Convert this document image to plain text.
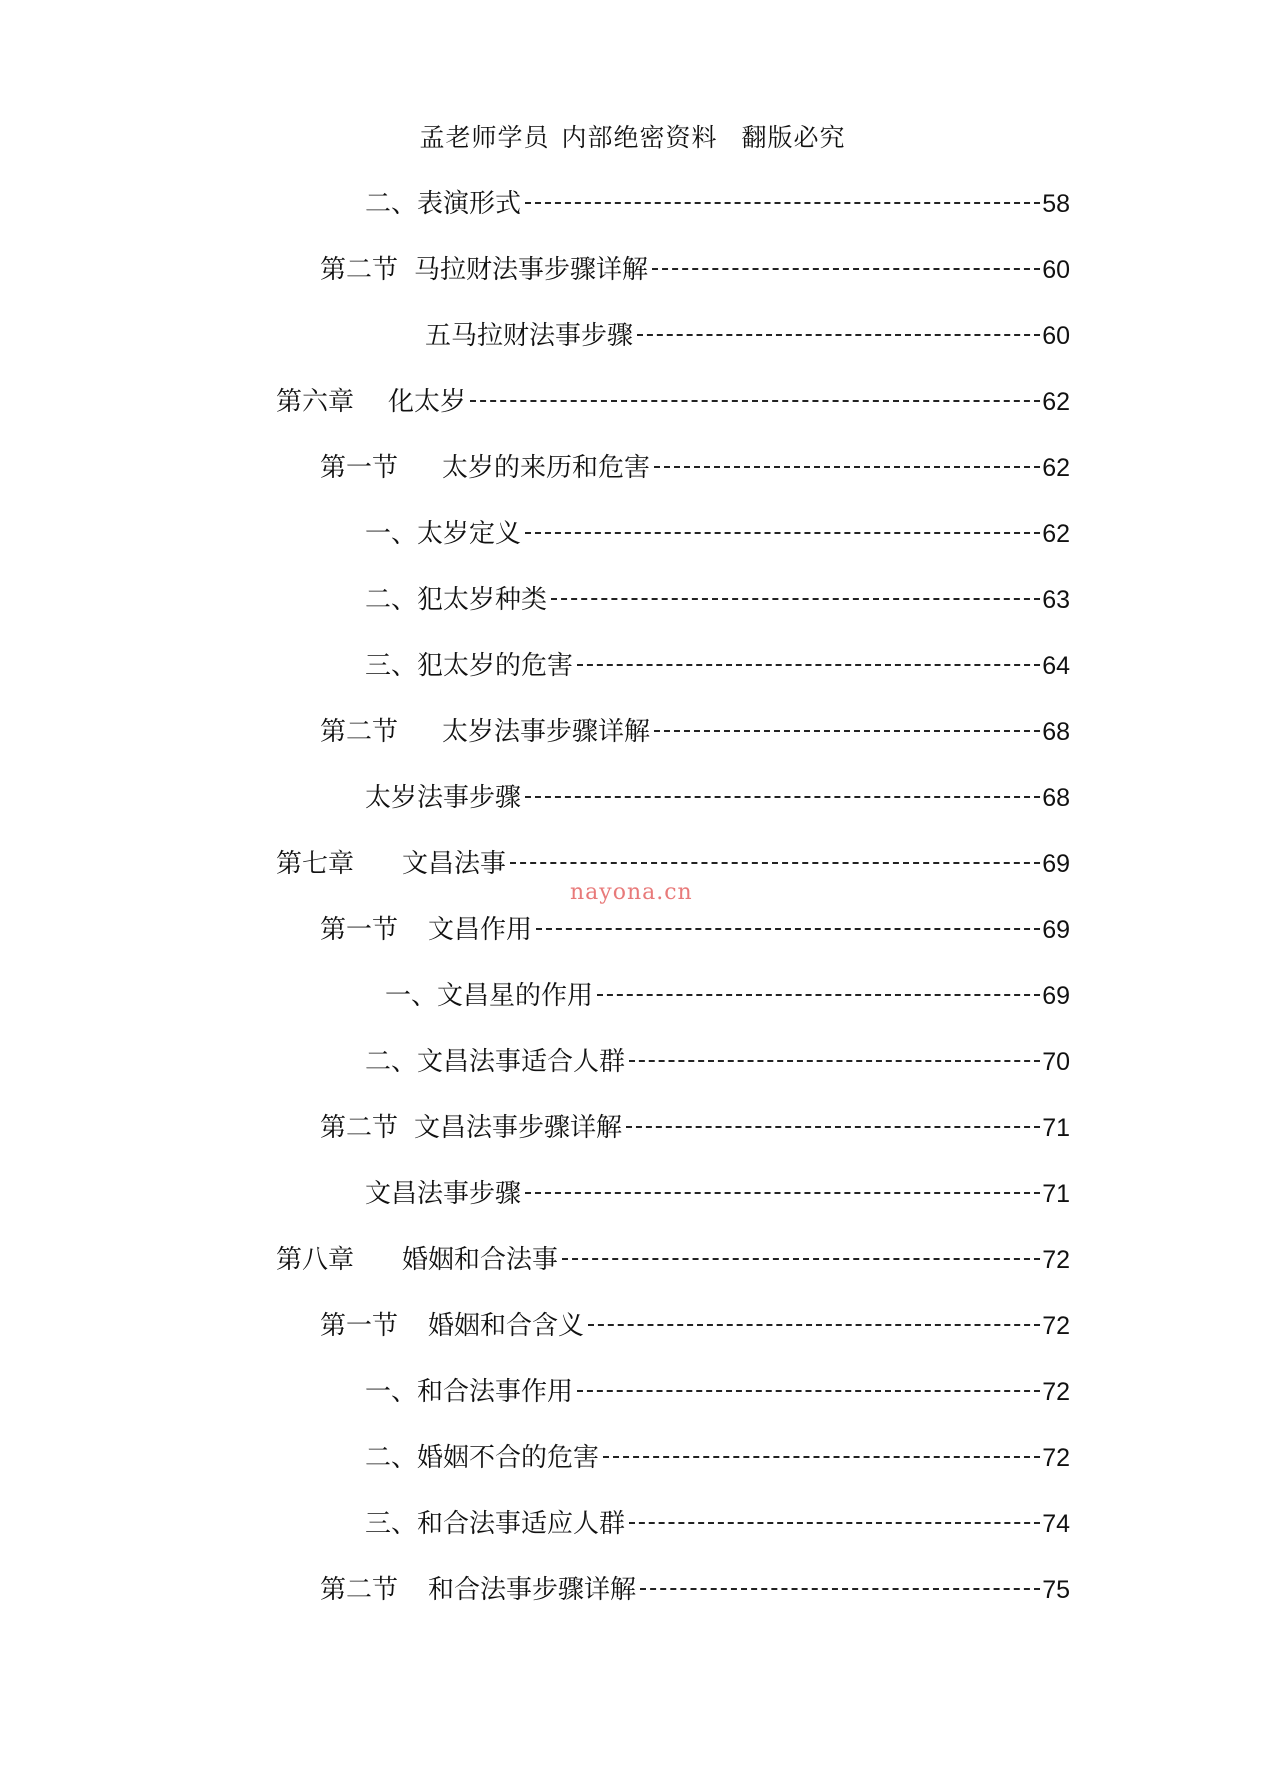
孟老师学员 内部绝密资料 翻版必究
二、 表演形式	58
第二节 马拉财法事步骤详解	60
五马拉财法事步骤	60
第六章 化太岁	62
第一节 太岁的来历和危害	62
一、 太岁定义	62
二、 犯太岁种类	63
三、 犯太岁的危害	64
第二节 太岁法事步骤详解	68
太岁法事步骤	68
第七章 文昌法事	69
第一节 文昌作用	69
一、 文昌星的作用	69
二、 文昌法事适合人群	70
第二节 文昌法事步骤详解	71
文昌法事步骤	71
第八章 婚姻和合法事	72
第一节 婚姻和合含义	72
一、 和合法事作用	72
二、 婚姻不合的危害	72
三、 和合法事适应人群	74
第二节 和合法事步骤详解	75
nayona.cn
